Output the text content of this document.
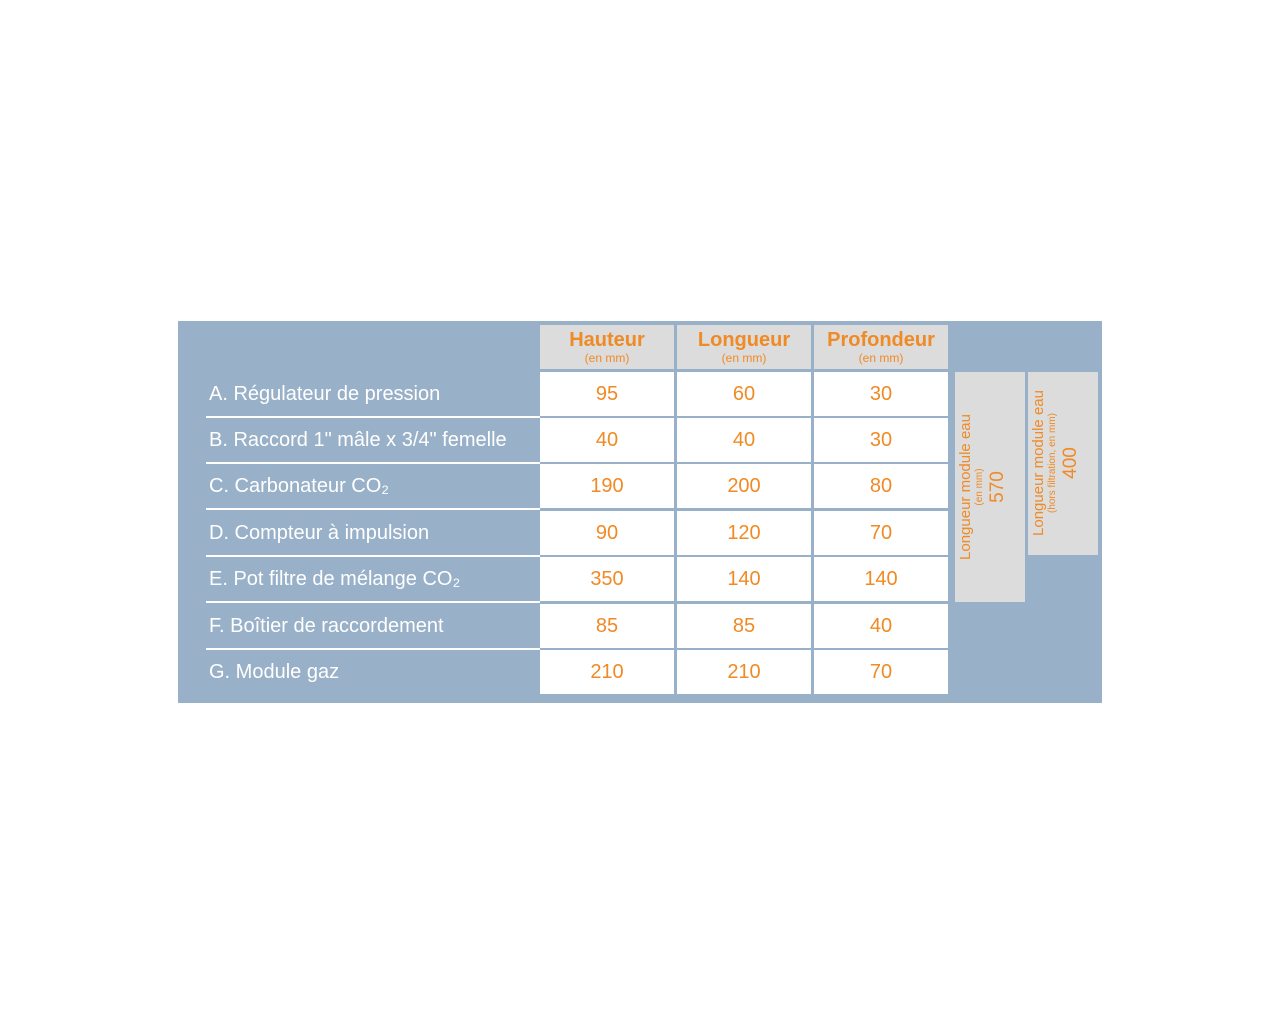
Hauteur
(en mm)
Longueur
(en mm)
Profondeur
(en mm)
A. Régulateur de pression	95	60	30
B. Raccord 1" mâle x 3/4" femelle	40	40	30
C. Carbonateur CO₂	190	200	80
D. Compteur à impulsion	90	120	70
E. Pot filtre de mélange CO₂	350	140	140
F. Boîtier de raccordement	85	85	40
G. Module gaz	210	210	70
Longueur module eau (en mm) 570 Longueur module eau (hors filtration, en mm) 400
